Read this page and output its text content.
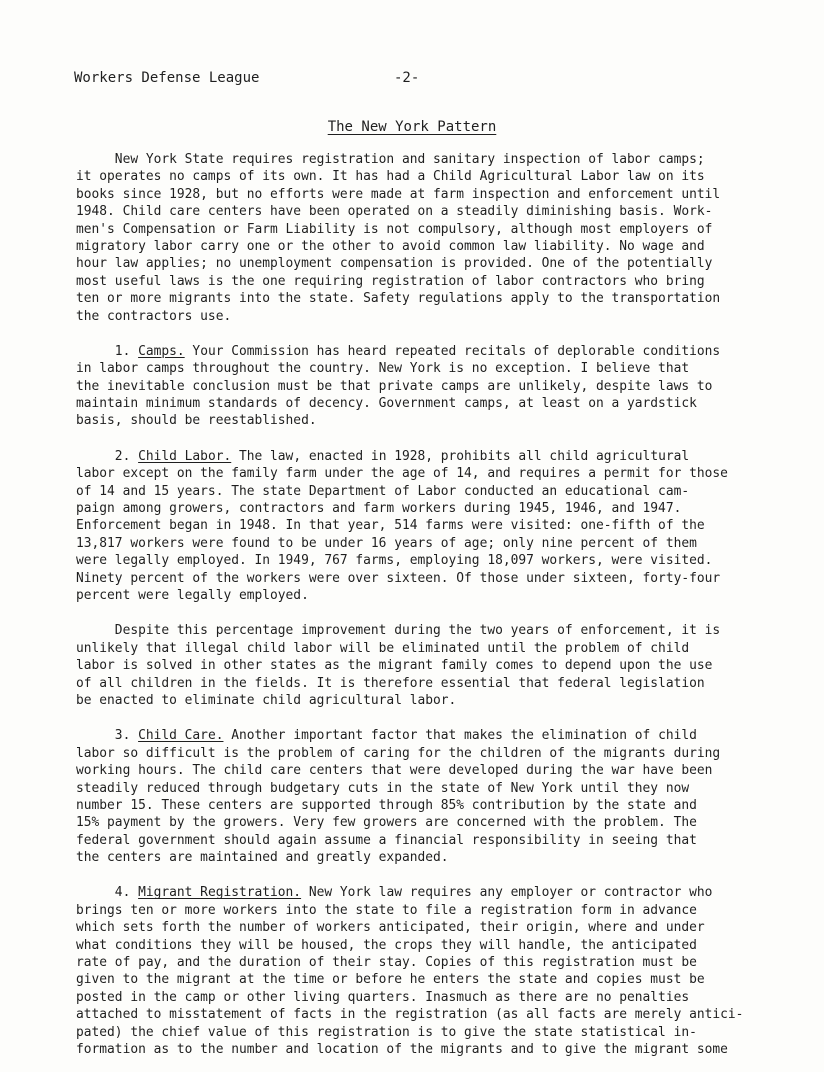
Workers Defense League	-2-
The New York Pattern
New York State requires registration and sanitary inspection of labor camps;
it operates no camps of its own. It has had a Child Agricultural Labor law on its
books since 1928, but no efforts were made at farm inspection and enforcement until
1948. Child care centers have been operated on a steadily diminishing basis. Work-
men's Compensation or Farm Liability is not compulsory, although most employers of
migratory labor carry one or the other to avoid common law liability. No wage and
hour law applies; no unemployment compensation is provided. One of the potentially
most useful laws is the one requiring registration of labor contractors who bring
ten or more migrants into the state. Safety regulations apply to the transportation
the contractors use.
1. Camps. Your Commission has heard repeated recitals of deplorable conditions
in labor camps throughout the country. New York is no exception. I believe that
the inevitable conclusion must be that private camps are unlikely, despite laws to
maintain minimum standards of decency. Government camps, at least on a yardstick
basis, should be reestablished.
2. Child Labor. The law, enacted in 1928, prohibits all child agricultural
labor except on the family farm under the age of 14, and requires a permit for those
of 14 and 15 years. The state Department of Labor conducted an educational cam-
paign among growers, contractors and farm workers during 1945, 1946, and 1947.
Enforcement began in 1948. In that year, 514 farms were visited: one-fifth of the
13,817 workers were found to be under 16 years of age; only nine percent of them
were legally employed. In 1949, 767 farms, employing 18,097 workers, were visited.
Ninety percent of the workers were over sixteen. Of those under sixteen, forty-four
percent were legally employed.
Despite this percentage improvement during the two years of enforcement, it is
unlikely that illegal child labor will be eliminated until the problem of child
labor is solved in other states as the migrant family comes to depend upon the use
of all children in the fields. It is therefore essential that federal legislation
be enacted to eliminate child agricultural labor.
3. Child Care. Another important factor that makes the elimination of child
labor so difficult is the problem of caring for the children of the migrants during
working hours. The child care centers that were developed during the war have been
steadily reduced through budgetary cuts in the state of New York until they now
number 15. These centers are supported through 85% contribution by the state and
15% payment by the growers. Very few growers are concerned with the problem. The
federal government should again assume a financial responsibility in seeing that
the centers are maintained and greatly expanded.
4. Migrant Registration. New York law requires any employer or contractor who
brings ten or more workers into the state to file a registration form in advance
which sets forth the number of workers anticipated, their origin, where and under
what conditions they will be housed, the crops they will handle, the anticipated
rate of pay, and the duration of their stay. Copies of this registration must be
given to the migrant at the time or before he enters the state and copies must be
posted in the camp or other living quarters. Inasmuch as there are no penalties
attached to misstatement of facts in the registration (as all facts are merely antici-
pated) the chief value of this registration is to give the state statistical in-
formation as to the number and location of the migrants and to give the migrant some
